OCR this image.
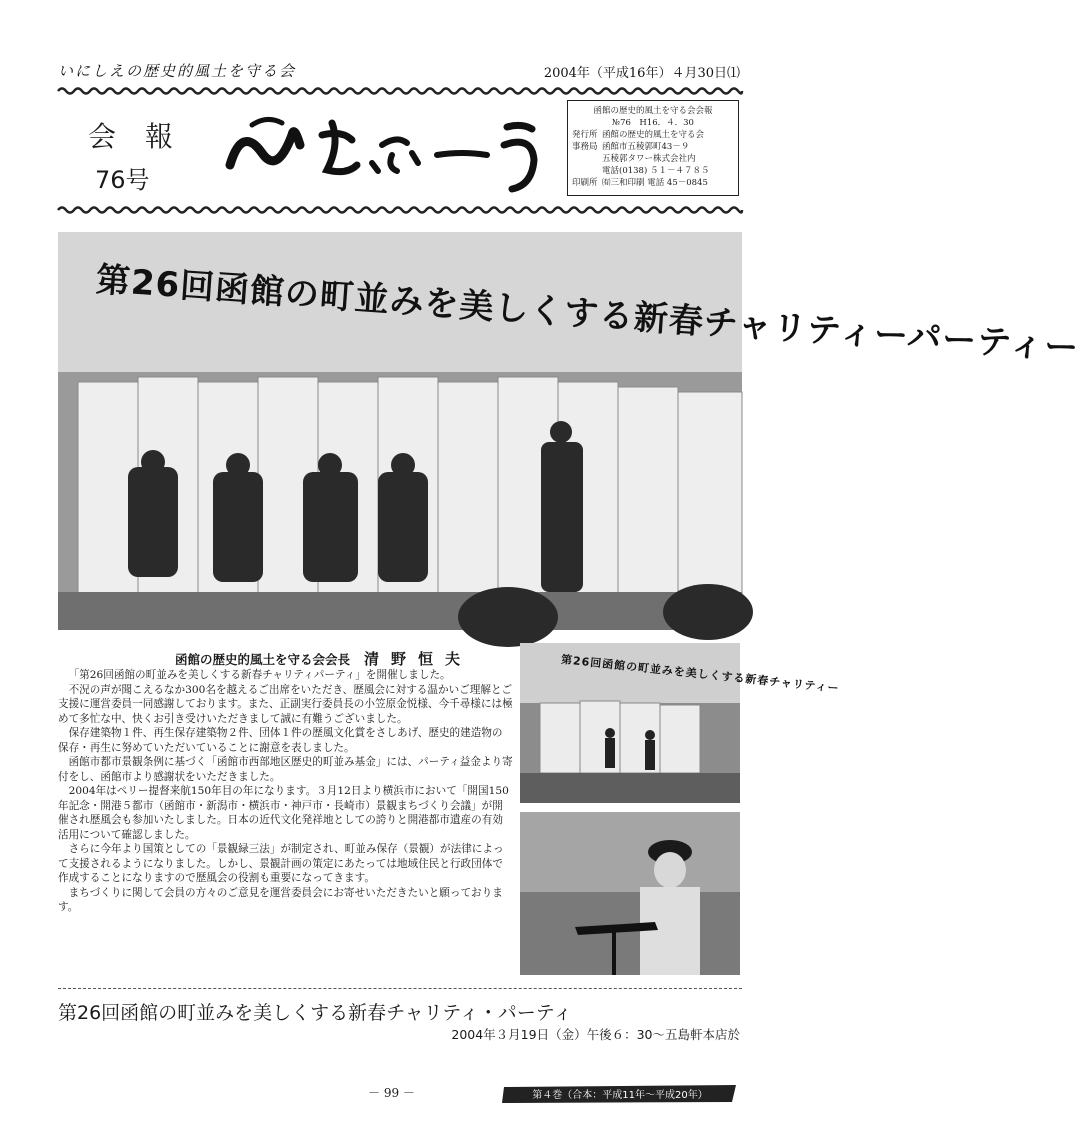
いにしえの歴史的風土を守る会	2004年（平成16年）４月30日⑴
会 報
76号
函館の歴史的風土を守る会会報
№76　H16．４．30
発行所 函館の歴史的風土を守る会
事務局 函館市五稜郭町43－９
五稜郭タワー株式会社内
電話(0138) ５１－４７８５
印刷所 ㈲三和印刷 電話 45－0845
第26回函館の町並みを美しくする新春チャリティーパーティー
函館の歴史的風土を守る会会長 清野恒夫

「第26回函館の町並みを美しくする新春チャリティパーティ」を開催しました。

不況の声が聞こえるなか300名を越えるご出席をいただき、歴風会に対する温かいご理解とご支援に運営委員一同感謝しております。また、正副実行委員長の小笠原金悦様、今千尋様には極めて多忙な中、快くお引き受けいただきまして誠に有難うございました。

保存建築物１件、再生保存建築物２件、団体１件の歴風文化賞をさしあげ、歴史的建造物の保存・再生に努めていただいていることに謝意を表しました。

函館市都市景観条例に基づく「函館市西部地区歴史的町並み基金」には、パーティ益金より寄付をし、函館市より感謝状をいただきました。

2004年はペリー提督来航150年目の年になります。３月12日より横浜市において「開国150年記念・開港５都市（函館市・新潟市・横浜市・神戸市・長崎市）景観まちづくり会議」が開催され歴風会も参加いたしました。日本の近代文化発祥地としての誇りと開港都市遺産の有効活用について確認しました。

さらに今年より国策としての「景観緑三法」が制定され、町並み保存（景観）が法律によって支援されるようになりました。しかし、景観計画の策定にあたっては地域住民と行政団体で作成することになりますので歴風会の役割も重要になってきます。

まちづくりに関して会員の方々のご意見を運営委員会にお寄せいただきたいと願っております。

第26回函館の町並みを美しくする新春チャリティー
第26回函館の町並みを美しくする新春チャリティ・パーティ
2004年３月19日（金）午後６：30～五島軒本店於
－ 99 －	第４巻（合本：平成11年～平成20年）
